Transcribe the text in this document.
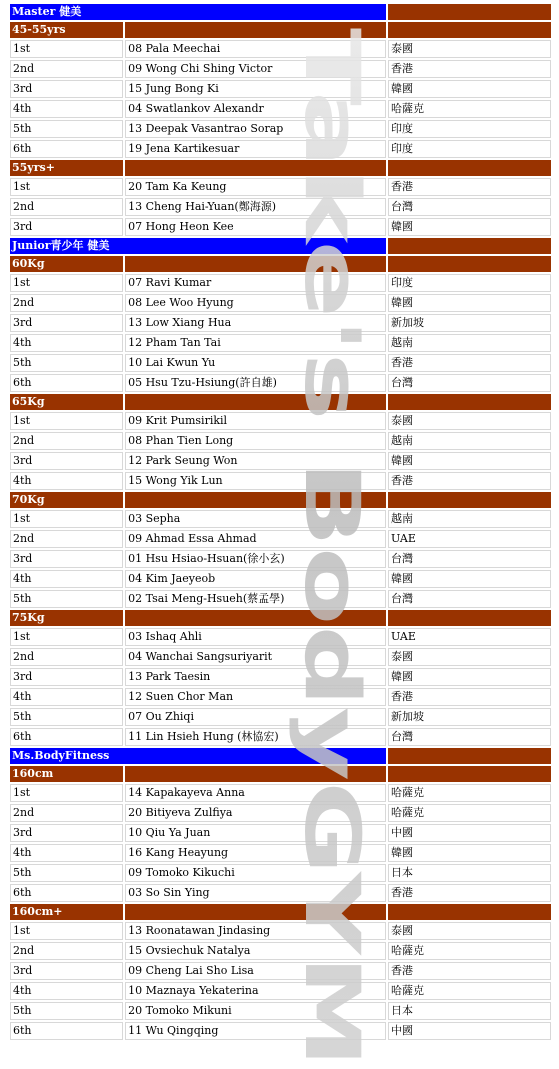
Master 健美		
45-55yrs		
1st	08 Pala Meechai	泰國
2nd	09 Wong Chi Shing Victor	香港
3rd	15 Jung Bong Ki	韓國
4th	04 Swatlankov Alexandr	哈薩克
5th	13 Deepak Vasantrao Sorap	印度
6th	19 Jena Kartikesuar	印度
55yrs+		
1st	20 Tam Ka Keung	香港
2nd	13 Cheng Hai-Yuan(鄭海源)	台灣
3rd	07 Hong Heon Kee	韓國
Junior青少年 健美		
60Kg		
1st	07 Ravi Kumar	印度
2nd	08 Lee Woo Hyung	韓國
3rd	13 Low Xiang Hua	新加坡
4th	12 Pham Tan Tai	越南
5th	10 Lai Kwun Yu	香港
6th	05 Hsu Tzu-Hsiung(許自雄)	台灣
65Kg		
1st	09 Krit Pumsirikil	泰國
2nd	08 Phan Tien Long	越南
3rd	12 Park Seung Won	韓國
4th	15 Wong Yik Lun	香港
70Kg		
1st	03 Sepha	越南
2nd	09 Ahmad Essa Ahmad	UAE
3rd	01 Hsu Hsiao-Hsuan(徐小玄)	台灣
4th	04 Kim Jaeyeob	韓國
5th	02 Tsai Meng-Hsueh(蔡孟學)	台灣
75Kg		
1st	03 Ishaq Ahli	UAE
2nd	04 Wanchai Sangsuriyarit	泰國
3rd	13 Park Taesin	韓國
4th	12 Suen Chor Man	香港
5th	07 Ou Zhiqi	新加坡
6th	11 Lin Hsieh Hung (林協宏)	台灣
Ms.BodyFitness		
160cm		
1st	14 Kapakayeva Anna	哈薩克
2nd	20 Bitiyeva Zulfiya	哈薩克
3rd	10 Qiu Ya Juan	中國
4th	16 Kang Heayung	韓國
5th	09 Tomoko Kikuchi	日本
6th	03 So Sin Ying	香港
160cm+		
1st	13 Roonatawan Jindasing	泰國
2nd	15 Ovsiechuk Natalya	哈薩克
3rd	09 Cheng Lai Sho Lisa	香港
4th	10 Maznaya Yekaterina	哈薩克
5th	20 Tomoko Mikuni	日本
6th	11 Wu Qingqing	中國
Take's BodyGYM
